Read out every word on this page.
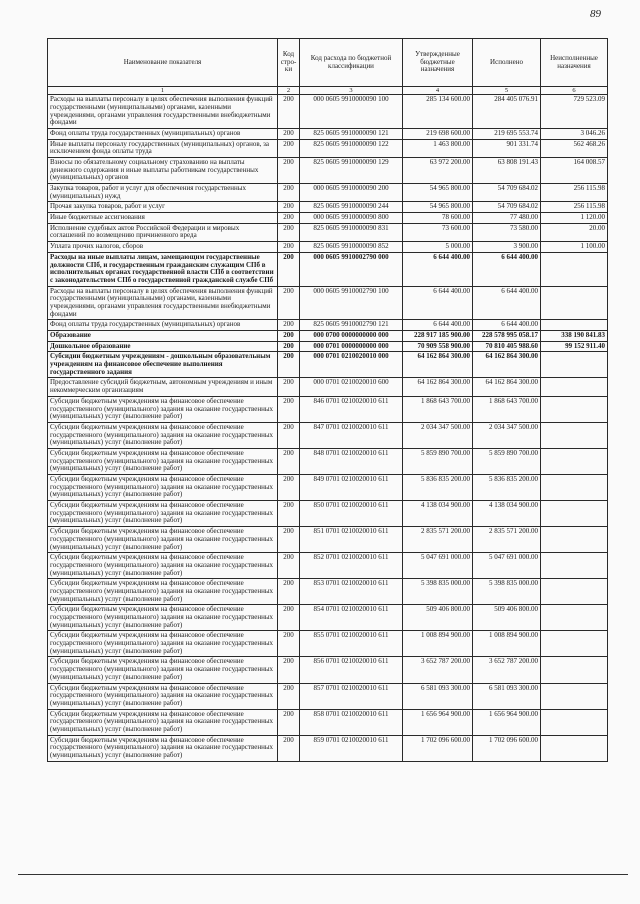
89
Наименование показателя	Код стро-ки	Код расхода по бюджетной классификации	Утвержденные бюджетные назначения	Исполнено	Неисполненные назначения
1	2	3	4	5	6
Расходы на выплаты персоналу в целях обеспечения выполнения функций государственными (муниципальными) органами, казенными учреждениями, органами управления государственными внебюджетными фондами	200	000 0605 9910000090 100	285 134 600.00	284 405 076.91	729 523.09
Фонд оплаты труда государственных (муниципальных) органов	200	825 0605 9910000090 121	219 698 600.00	219 695 553.74	3 046.26
Иные выплаты персоналу государственных (муниципальных) органов, за исключением фонда оплаты труда	200	825 0605 9910000090 122	1 463 800.00	901 331.74	562 468.26
Взносы по обязательному социальному страхованию на выплаты денежного содержания и иные выплаты работникам государственных (муниципальных) органов	200	825 0605 9910000090 129	63 972 200.00	63 808 191.43	164 008.57
Закупка товаров, работ и услуг для обеспечения государственных (муниципальных) нужд	200	000 0605 9910000090 200	54 965 800.00	54 709 684.02	256 115.98
Прочая закупка товаров, работ и услуг	200	825 0605 9910000090 244	54 965 800.00	54 709 684.02	256 115.98
Иные бюджетные ассигнования	200	000 0605 9910000090 800	78 600.00	77 480.00	1 120.00
Исполнение судебных актов Российской Федерации и мировых соглашений по возмещению причиненного вреда	200	825 0605 9910000090 831	73 600.00	73 580.00	20.00
Уплата прочих налогов, сборов	200	825 0605 9910000090 852	5 000.00	3 900.00	1 100.00
Расходы на иные выплаты лицам, замещающим государственные должности СПб, и государственным гражданским служащим СПб в исполнительных органах государственной власти СПб в соответствии с законодательством СПб о государственной гражданской службе СПб	200	000 0605 9910002790 000	6 644 400.00	6 644 400.00	
Расходы на выплаты персоналу в целях обеспечения выполнения функций государственными (муниципальными) органами, казенными учреждениями, органами управления государственными внебюджетными фондами	200	000 0605 9910002790 100	6 644 400.00	6 644 400.00	
Фонд оплаты труда государственных (муниципальных) органов	200	825 0605 9910002790 121	6 644 400.00	6 644 400.00	
Образование	200	000 0700 0000000000 000	228 917 185 900.00	228 578 995 058.17	338 190 841.83
Дошкольное образование	200	000 0701 0000000000 000	70 909 558 900.00	70 810 405 988.60	99 152 911.40
Субсидии бюджетным учреждениям - дошкольным образовательным учреждениям на финансовое обеспечение выполнения государственного задания	200	000 0701 0210020010 000	64 162 864 300.00	64 162 864 300.00	
Предоставление субсидий бюджетным, автономным учреждениям и иным некоммерческим организациям	200	000 0701 0210020010 600	64 162 864 300.00	64 162 864 300.00	
Субсидии бюджетным учреждениям на финансовое обеспечение государственного (муниципального) задания на оказание государственных (муниципальных) услуг (выполнение работ)	200	846 0701 0210020010 611	1 868 643 700.00	1 868 643 700.00	
Субсидии бюджетным учреждениям на финансовое обеспечение государственного (муниципального) задания на оказание государственных (муниципальных) услуг (выполнение работ)	200	847 0701 0210020010 611	2 034 347 500.00	2 034 347 500.00	
Субсидии бюджетным учреждениям на финансовое обеспечение государственного (муниципального) задания на оказание государственных (муниципальных) услуг (выполнение работ)	200	848 0701 0210020010 611	5 859 890 700.00	5 859 890 700.00	
Субсидии бюджетным учреждениям на финансовое обеспечение государственного (муниципального) задания на оказание государственных (муниципальных) услуг (выполнение работ)	200	849 0701 0210020010 611	5 836 835 200.00	5 836 835 200.00	
Субсидии бюджетным учреждениям на финансовое обеспечение государственного (муниципального) задания на оказание государственных (муниципальных) услуг (выполнение работ)	200	850 0701 0210020010 611	4 138 034 900.00	4 138 034 900.00	
Субсидии бюджетным учреждениям на финансовое обеспечение государственного (муниципального) задания на оказание государственных (муниципальных) услуг (выполнение работ)	200	851 0701 0210020010 611	2 835 571 200.00	2 835 571 200.00	
Субсидии бюджетным учреждениям на финансовое обеспечение государственного (муниципального) задания на оказание государственных (муниципальных) услуг (выполнение работ)	200	852 0701 0210020010 611	5 047 691 000.00	5 047 691 000.00	
Субсидии бюджетным учреждениям на финансовое обеспечение государственного (муниципального) задания на оказание государственных (муниципальных) услуг (выполнение работ)	200	853 0701 0210020010 611	5 398 835 000.00	5 398 835 000.00	
Субсидии бюджетным учреждениям на финансовое обеспечение государственного (муниципального) задания на оказание государственных (муниципальных) услуг (выполнение работ)	200	854 0701 0210020010 611	509 406 800.00	509 406 800.00	
Субсидии бюджетным учреждениям на финансовое обеспечение государственного (муниципального) задания на оказание государственных (муниципальных) услуг (выполнение работ)	200	855 0701 0210020010 611	1 008 894 900.00	1 008 894 900.00	
Субсидии бюджетным учреждениям на финансовое обеспечение государственного (муниципального) задания на оказание государственных (муниципальных) услуг (выполнение работ)	200	856 0701 0210020010 611	3 652 787 200.00	3 652 787 200.00	
Субсидии бюджетным учреждениям на финансовое обеспечение государственного (муниципального) задания на оказание государственных (муниципальных) услуг (выполнение работ)	200	857 0701 0210020010 611	6 581 093 300.00	6 581 093 300.00	
Субсидии бюджетным учреждениям на финансовое обеспечение государственного (муниципального) задания на оказание государственных (муниципальных) услуг (выполнение работ)	200	858 0701 0210020010 611	1 656 964 900.00	1 656 964 900.00	
Субсидии бюджетным учреждениям на финансовое обеспечение государственного (муниципального) задания на оказание государственных (муниципальных) услуг (выполнение работ)	200	859 0701 0210020010 611	1 702 096 600.00	1 702 096 600.00	
